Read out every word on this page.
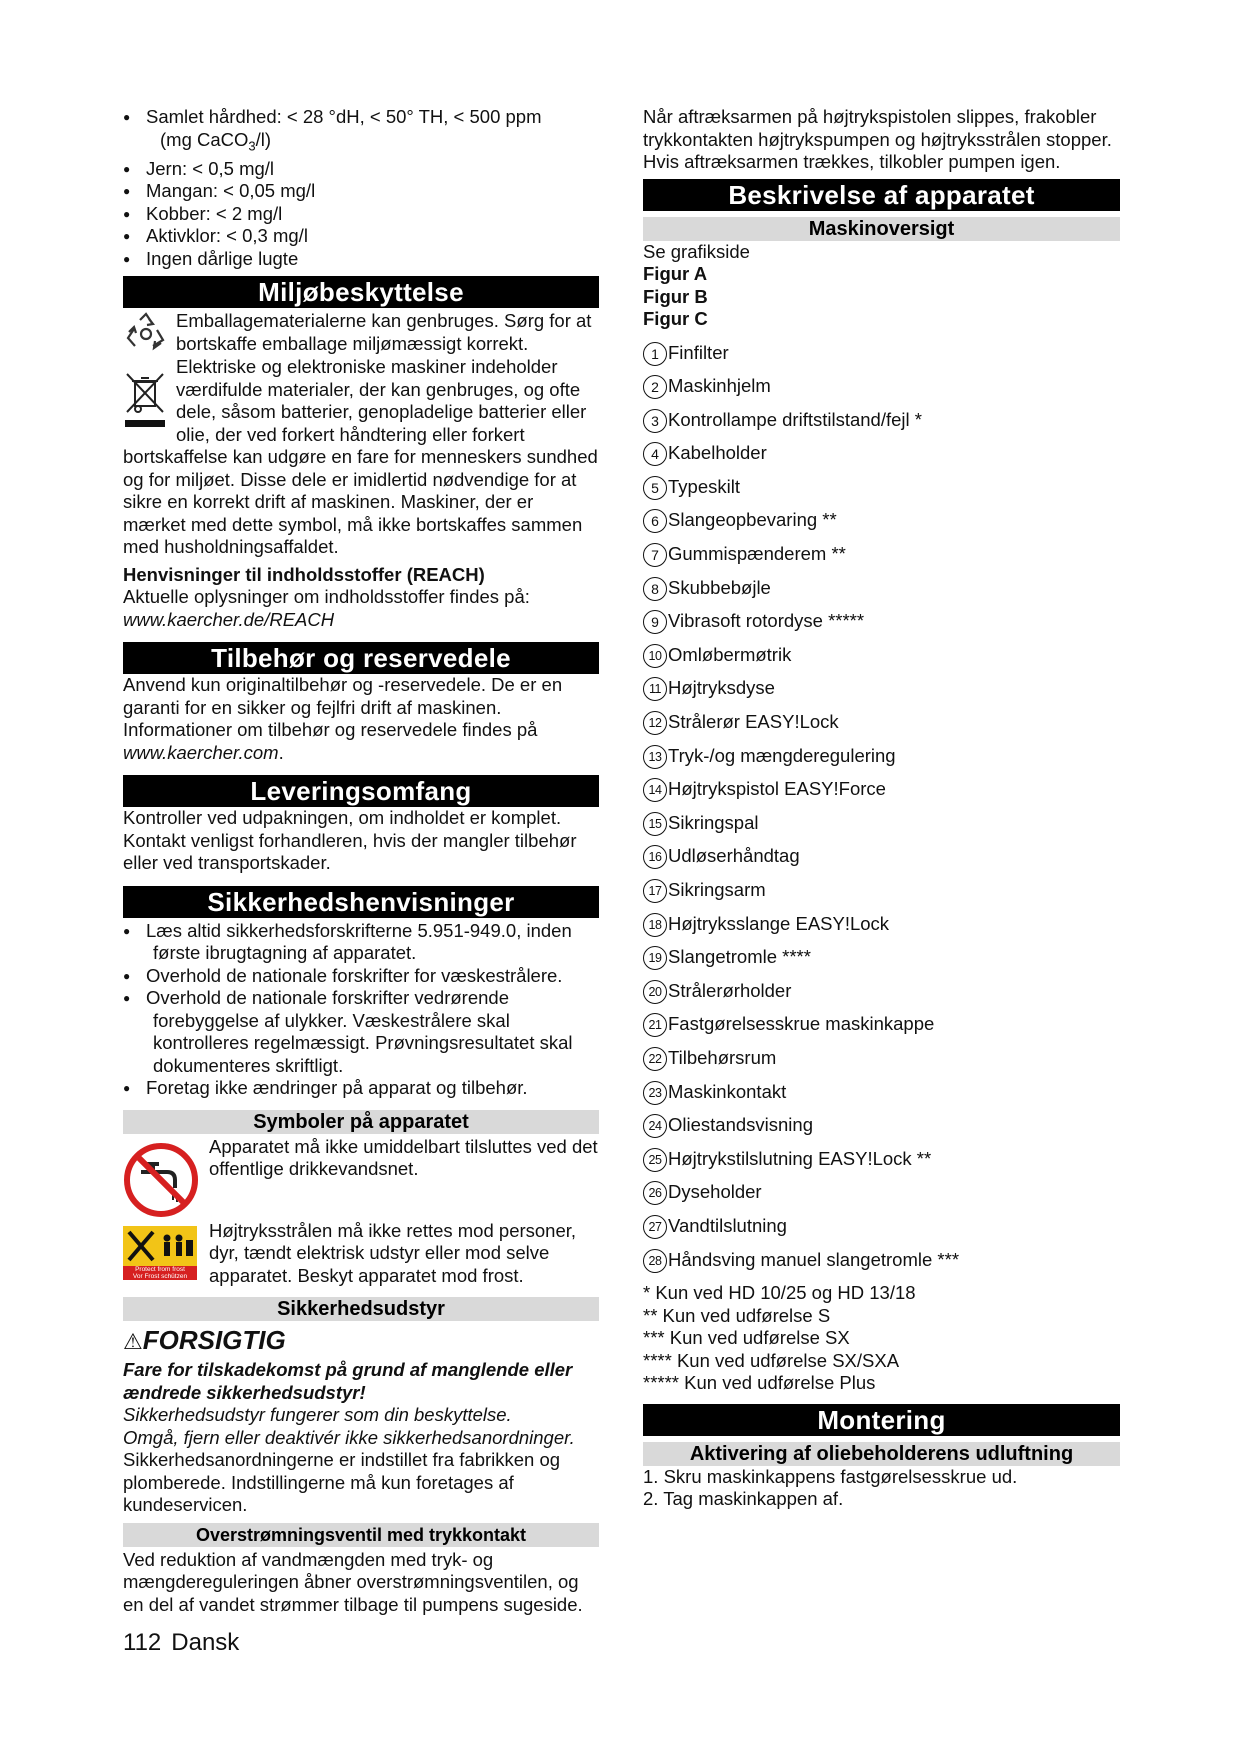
● Samlet hårdhed: < 28 °dH, < 50° TH, < 500 ppm
(mg CaCO$_3$/l)
● Jern: < 0,5 mg/l
● Mangan: < 0,05 mg/l
● Kobber: < 2 mg/l
● Aktivklor: < 0,3 mg/l
● Ingen dårlige lugte
Miljøbeskyttelse

Emballagematerialerne kan genbruges. Sørg for at bortskaffe emballage miljømæssigt korrekt.

Elektriske og elektroniske maskiner indeholder værdifulde materialer, der kan genbruges, og ofte dele, såsom batterier, genopladelige batterier eller olie, der ved forkert håndtering eller forkert bortskaffelse kan udgøre en fare for menneskers sundhed og for miljøet. Disse dele er imidlertid nødvendige for at sikre en korrekt drift af maskinen. Maskiner, der er mærket med dette symbol, må ikke bortskaffes sammen med husholdningsaffaldet.

Henvisninger til indholdsstoffer (REACH)

Aktuelle oplysninger om indholdsstoffer findes på:

www.kaercher.de/REACH

Tilbehør og reservedele

Anvend kun originaltilbehør og -reservedele. De er en garanti for en sikker og fejlfri drift af maskinen. Informationer om tilbehør og reservedele findes på www.kaercher.com.

Leveringsomfang

Kontroller ved udpakningen, om indholdet er komplet. Kontakt venligst forhandleren, hvis der mangler tilbehør eller ved transportskader.

Sikkerhedshenvisninger
● Læs altid sikkerhedsforskrifterne 5.951-949.0, inden første ibrugtagning af apparatet.
● Overhold de nationale forskrifter for væskestrålere.
● Overhold de nationale forskrifter vedrørende forebyggelse af ulykker. Væskestrålere skal kontrolleres regelmæssigt. Prøvningsresultatet skal dokumenteres skriftligt.
● Foretag ikke ændringer på apparat og tilbehør.
Symboler på apparatet

Apparatet må ikke umiddelbart tilsluttes ved det offentlige drikkevandsnet.

Protect from frost
Vor Frost schützen

Højtryksstrålen må ikke rettes mod personer, dyr, tændt elektrisk udstyr eller mod selve apparatet. Beskyt apparatet mod frost.

Sikkerhedsudstyr
⚠FORSIGTIG

Fare for tilskadekomst på grund af manglende eller ændrede sikkerhedsudstyr!

Sikkerhedsudstyr fungerer som din beskyttelse.

Omgå, fjern eller deaktivér ikke sikkerhedsanordninger.

Sikkerhedsanordningerne er indstillet fra fabrikken og plomberede. Indstillingerne må kun foretages af kundeservicen.

Overstrømningsventil med trykkontakt

Ved reduktion af vandmængden med tryk- og mængdereguleringen åbner overstrømningsventilen, og en del af vandet strømmer tilbage til pumpens sugeside.

Når aftræksarmen på højtrykspistolen slippes, frakobler trykkontakten højtrykspumpen og højtryksstrålen stopper.

Hvis aftræksarmen trækkes, tilkobler pumpen igen.

Beskrivelse af apparatet
Maskinoversigt

Se grafikside

Figur A

Figur B

Figur C

1 Finfilter
2 Maskinhjelm
3 Kontrollampe driftstilstand/fejl *
4 Kabelholder
5 Typeskilt
6 Slangeopbevaring **
7 Gummispænderem **
8 Skubbebøjle
9 Vibrasoft rotordyse *****
10 Omløbermøtrik
11 Højtryksdyse
12 Strålerør EASY!Lock
13 Tryk-/og mængderegulering
14 Højtrykspistol EASY!Force
15 Sikringspal
16 Udløserhåndtag
17 Sikringsarm
18 Højtryksslange EASY!Lock
19 Slangetromle ****
20 Strålerørholder
21 Fastgørelsesskrue maskinkappe
22 Tilbehørsrum
23 Maskinkontakt
24 Oliestandsvisning
25 Højtrykstilslutning EASY!Lock **
26 Dyseholder
27 Vandtilslutning
28 Håndsving manuel slangetromle ***

* Kun ved HD 10/25 og HD 13/18

** Kun ved udførelse S

*** Kun ved udførelse SX

**** Kun ved udførelse SX/SXA

***** Kun ved udførelse Plus

Montering
Aktivering af oliebeholderens udluftning

1. Skru maskinkappens fastgørelsesskrue ud.

2. Tag maskinkappen af.

112 Dansk
